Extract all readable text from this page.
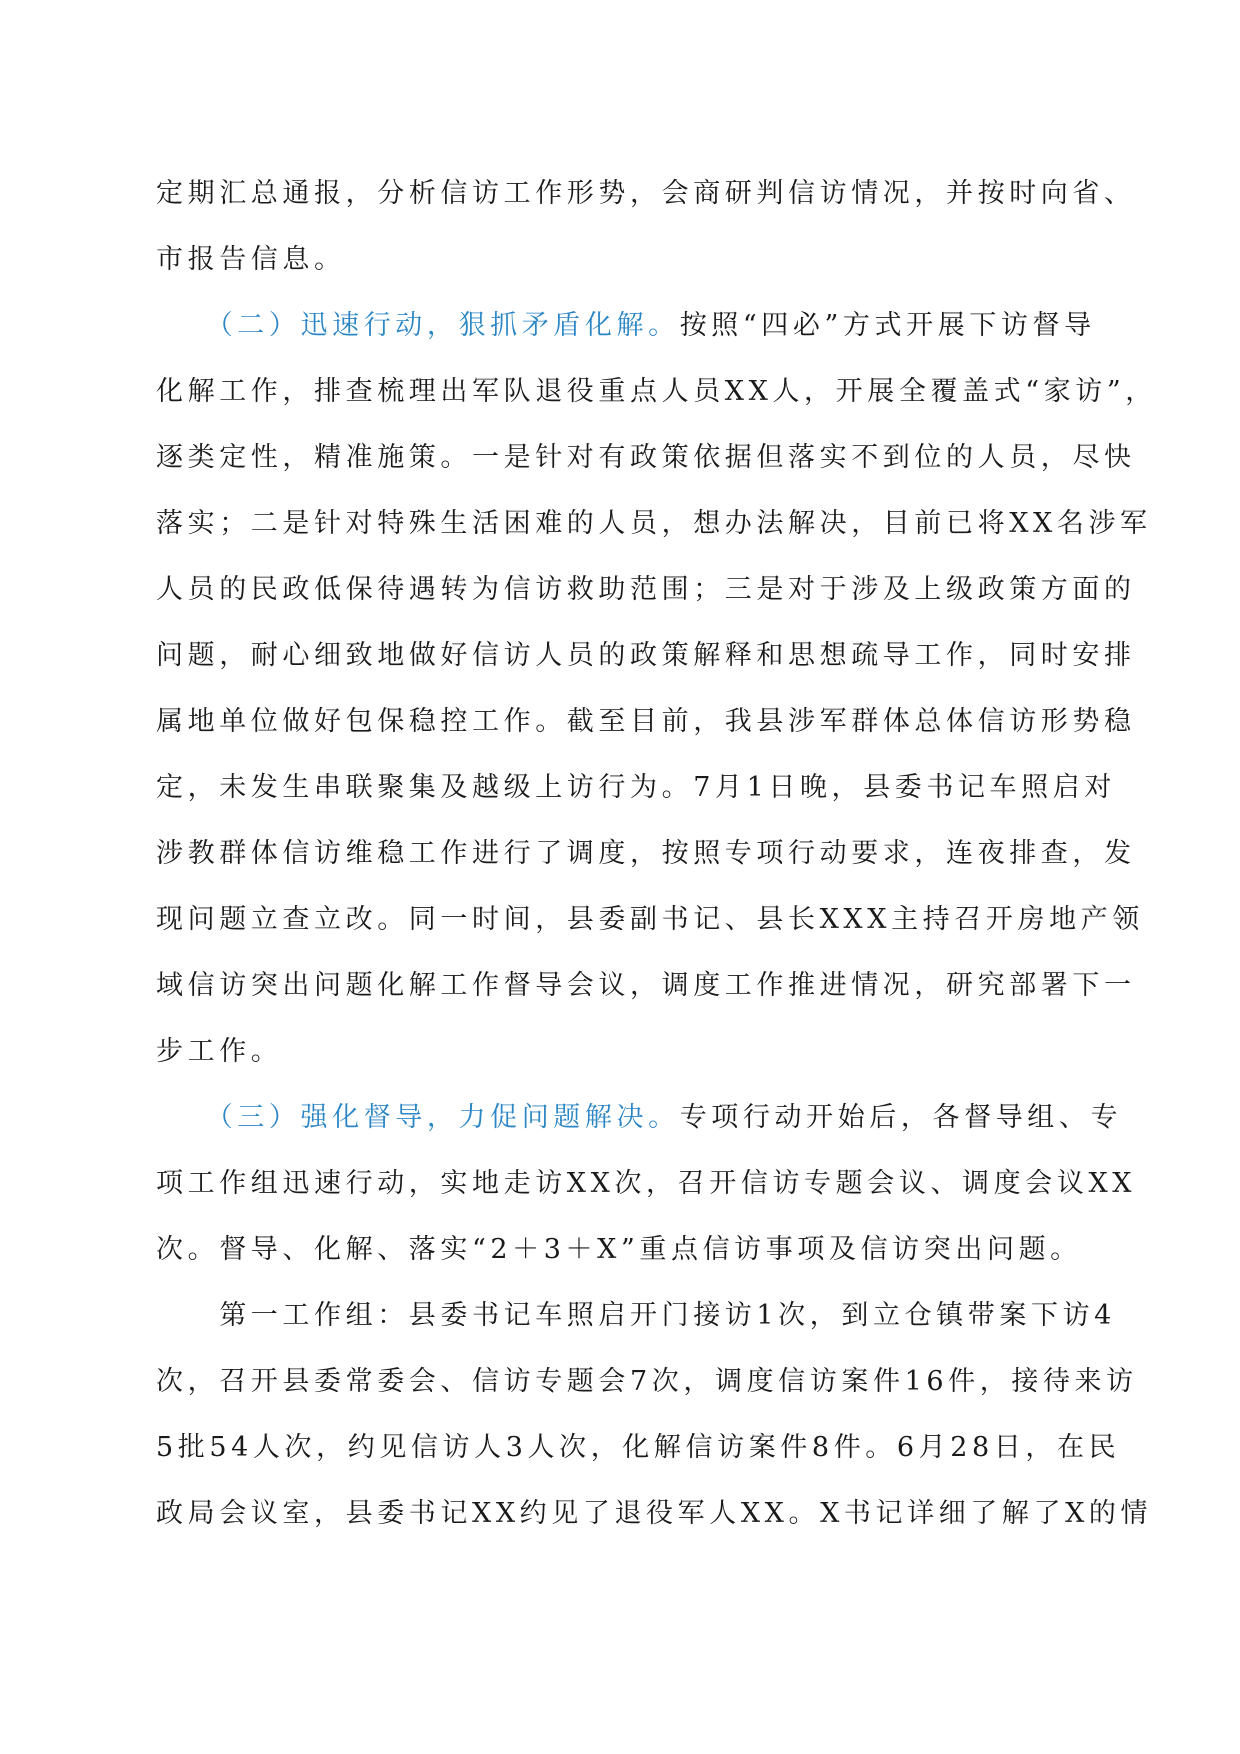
定期汇总通报，分析信访工作形势，会商研判信访情况，并按时向省、
市报告信息。
　　（二）迅速行动，狠抓矛盾化解。按照“四必”方式开展下访督导
化解工作，排查梳理出军队退役重点人员XX人，开展全覆盖式“家访”，
逐类定性，精准施策。一是针对有政策依据但落实不到位的人员，尽快
落实；二是针对特殊生活困难的人员，想办法解决，目前已将XX名涉军
人员的民政低保待遇转为信访救助范围；三是对于涉及上级政策方面的
问题，耐心细致地做好信访人员的政策解释和思想疏导工作，同时安排
属地单位做好包保稳控工作。截至目前，我县涉军群体总体信访形势稳
定，未发生串联聚集及越级上访行为。7月1日晚，县委书记车照启对
涉教群体信访维稳工作进行了调度，按照专项行动要求，连夜排查，发
现问题立查立改。同一时间，县委副书记、县长XXX主持召开房地产领
域信访突出问题化解工作督导会议，调度工作推进情况，研究部署下一
步工作。
　　（三）强化督导，力促问题解决。专项行动开始后，各督导组、专
项工作组迅速行动，实地走访XX次，召开信访专题会议、调度会议XX
次。督导、化解、落实“2＋3＋X”重点信访事项及信访突出问题。
　　第一工作组：县委书记车照启开门接访1次，到立仓镇带案下访4
次，召开县委常委会、信访专题会7次，调度信访案件16件，接待来访
5批54人次，约见信访人3人次，化解信访案件8件。6月28日，在民
政局会议室，县委书记XX约见了退役军人XX。X书记详细了解了X的情
